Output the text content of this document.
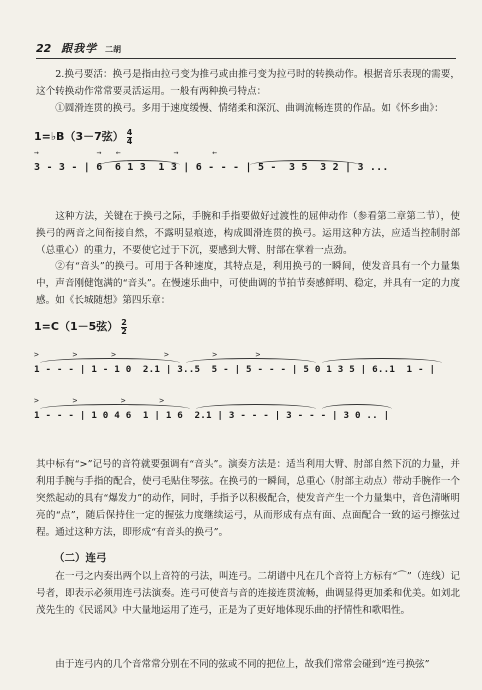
22 跟我学 二胡
2.换弓要活：换弓是指由拉弓变为推弓或由推弓变为拉弓时的转换动作。根据音乐表现的需要，这个转换动作常常要灵活运用。一般有两种换弓特点：
①圆滑连贯的换弓。多用于速度缓慢、情绪柔和深沉、曲调流畅连贯的作品。如《怀乡曲》：
1=♭B（3－7弦） $\frac{4}{4}$
→            →   ←           →       ←
3 - 3 - | 6  6 1 3  1 3 | 6 - - - | 5 -  3 5  3 2 | 3 ...
这种方法，关键在于换弓之际，手腕和手指要做好过渡性的屈伸动作（参看第二章第二节），使换弓的两音之间衔接自然，不露明显痕迹，构成圆滑连贯的换弓。运用这种方法，应适当控制肘部（总重心）的重力，不要使它过于下沉，要感到大臂、肘部在掌着一点劲。
②有“音头”的换弓。可用于各种速度，其特点是，利用换弓的一瞬间，使发音具有一个力量集中，声音刚健饱满的“音头”。在慢速乐曲中，可使曲调的节拍节奏感鲜明、稳定，并具有一定的力度感。如《长城随想》第四乐章：
1=C（1－5弦） $\frac{2}{2}$
>       >       >          >         >        >
1 - - - | 1 - 1 0  2.1 | 3..5  5 - | 5 - - - | 5 0 1 3 5 | 6..1  1 - |
>       >         >       >
1 - - - | 1 0 4 6  1 | 1 6  2.1 | 3 - - - | 3 - - - | 3 0 .. |
其中标有“>”记号的音符就要强调有“音头”。演奏方法是：适当利用大臂、肘部自然下沉的力量，并利用手腕与手指的配合，使弓毛贴住琴弦。在换弓的一瞬间，总重心（肘部主动点）带动手腕作一个突然起动的具有“爆发力”的动作，同时，手指予以积极配合，使发音产生一个力量集中，音色清晰明亮的“点”，随后保持住一定的握弦力度继续运弓，从而形成有点有面、点面配合一致的运弓擦弦过程。通过这种方法，即形成“有音头的换弓”。
（二）连弓
在一弓之内奏出两个以上音符的弓法，叫连弓。二胡谱中凡在几个音符上方标有“⌒”（连线）记号者，即表示必须用连弓法演奏。连弓可使音与音的连接连贯流畅，曲调显得更加柔和优美。如刘北茂先生的《民谣风》中大量地运用了连弓，正是为了更好地体现乐曲的抒情性和歌唱性。
由于连弓内的几个音常常分别在不同的弦或不同的把位上，故我们常常会碰到“连弓换弦”
